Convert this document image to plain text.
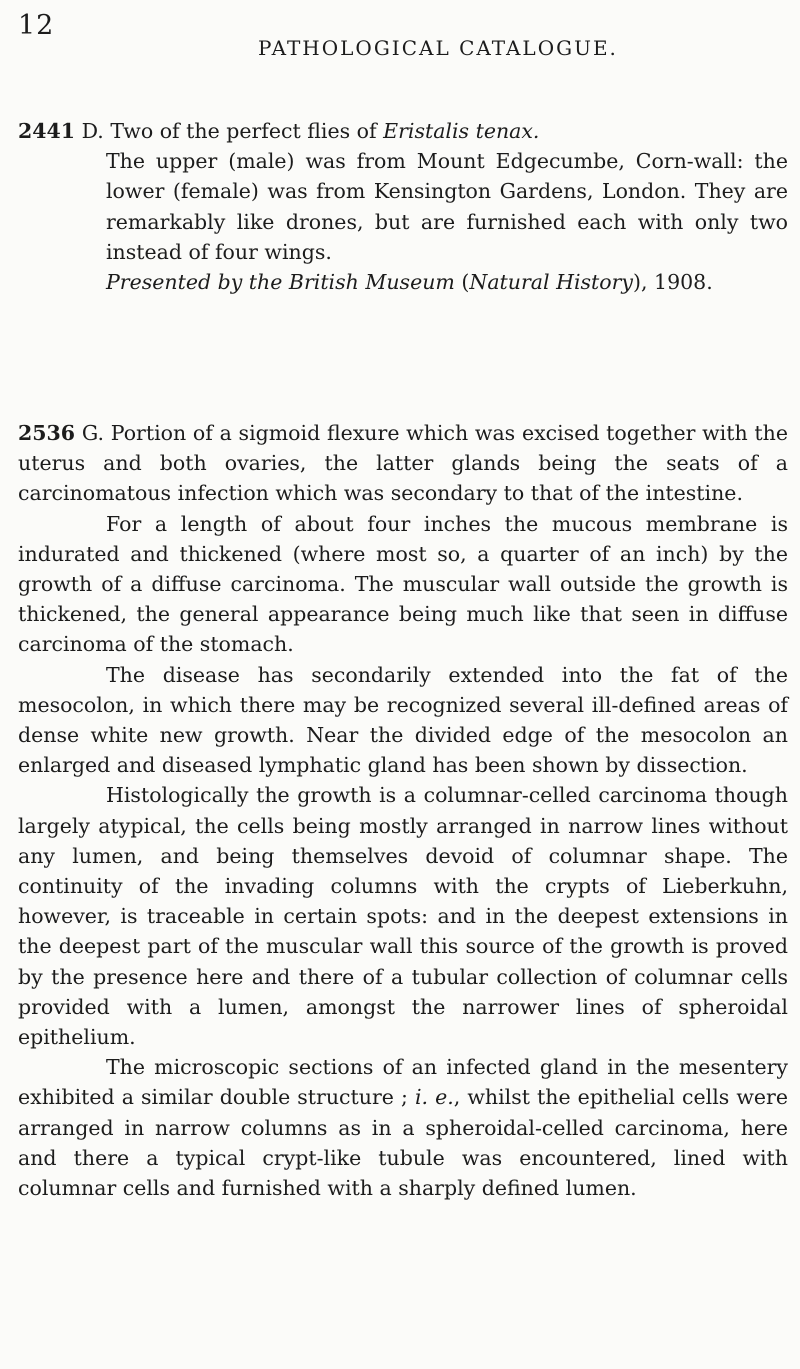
12
PATHOLOGICAL CATALOGUE.

2441 D. Two of the perfect flies of Eristalis tenax.

The upper (male) was from Mount Edgecumbe, Corn-wall: the lower (female) was from Kensington Gardens, London. They are remarkably like drones, but are furnished each with only two instead of four wings.

Presented by the British Museum (Natural History), 1908.

2536 G. Portion of a sigmoid flexure which was excised together with the uterus and both ovaries, the latter glands being the seats of a carcinomatous infection which was secondary to that of the intestine.

For a length of about four inches the mucous membrane is indurated and thickened (where most so, a quarter of an inch) by the growth of a diffuse carcinoma. The muscular wall outside the growth is thickened, the general appearance being much like that seen in diffuse carcinoma of the stomach.

The disease has secondarily extended into the fat of the mesocolon, in which there may be recognized several ill-defined areas of dense white new growth. Near the divided edge of the mesocolon an enlarged and diseased lymphatic gland has been shown by dissection.

Histologically the growth is a columnar-celled carcinoma though largely atypical, the cells being mostly arranged in narrow lines without any lumen, and being themselves devoid of columnar shape. The continuity of the invading columns with the crypts of Lieberkuhn, however, is traceable in certain spots: and in the deepest extensions in the deepest part of the muscular wall this source of the growth is proved by the presence here and there of a tubular collection of columnar cells provided with a lumen, amongst the narrower lines of spheroidal epithelium.

The microscopic sections of an infected gland in the mesentery exhibited a similar double structure ; i. e., whilst the epithelial cells were arranged in narrow columns as in a spheroidal-celled carcinoma, here and there a typical crypt-like tubule was encountered, lined with columnar cells and furnished with a sharply defined lumen.
